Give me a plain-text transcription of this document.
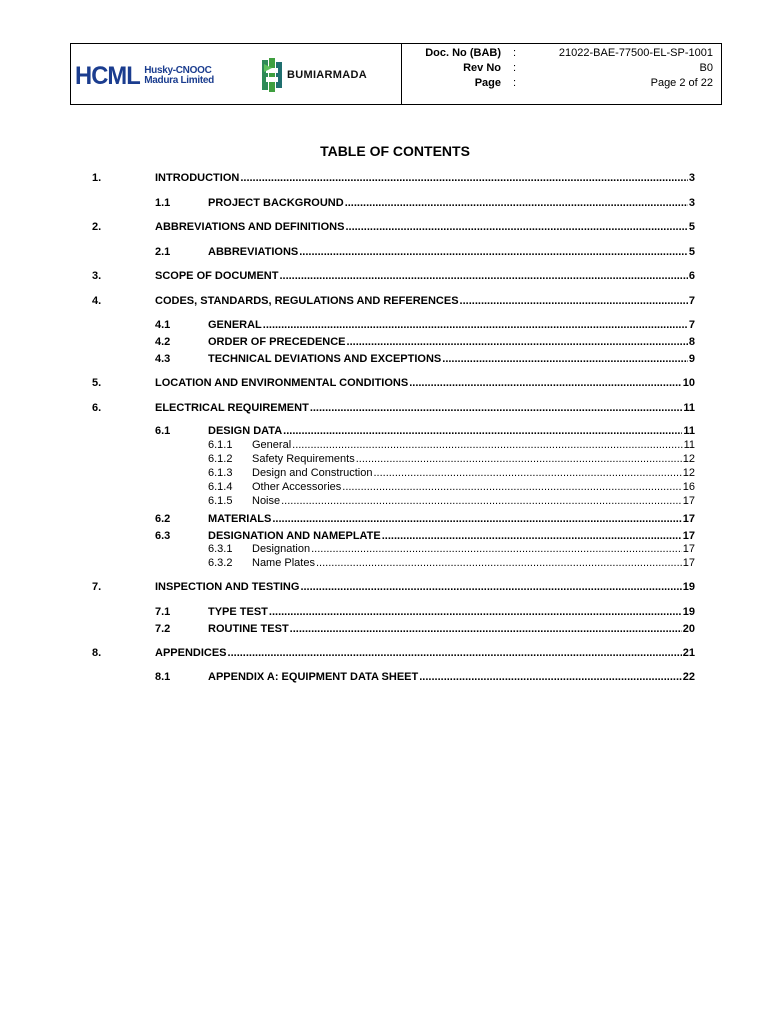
HCML Husky-CNOOC
Madura Limited	BUMIARMADA
Doc. No (BAB) :	21022-BAE-77500-EL-SP-1001
Rev No :	B0
Page :	Page 2 of 22
TABLE OF CONTENTS
1.	INTRODUCTION .....	3
1.1	PROJECT BACKGROUND .....	3
2.	ABBREVIATIONS AND DEFINITIONS .....	5
2.1	ABBREVIATIONS .....	5
3.	SCOPE OF DOCUMENT .....	6
4.	CODES, STANDARDS, REGULATIONS AND REFERENCES .....	7
4.1	GENERAL .....	7
4.2	ORDER OF PRECEDENCE .....	8
4.3	TECHNICAL DEVIATIONS AND EXCEPTIONS .....	9
5.	LOCATION AND ENVIRONMENTAL CONDITIONS .....	10
6.	ELECTRICAL REQUIREMENT .....	11
6.1	DESIGN DATA .....	11
6.1.1 General .....	11
6.1.2 Safety Requirements .....	12
6.1.3 Design and Construction .....	12
6.1.4 Other Accessories .....	16
6.1.5 Noise .....	17
6.2	MATERIALS .....	17
6.3	DESIGNATION AND NAMEPLATE .....	17
6.3.1 Designation .....	17
6.3.2 Name Plates .....	17
7.	INSPECTION AND TESTING .....	19
7.1	TYPE TEST .....	19
7.2	ROUTINE TEST .....	20
8.	APPENDICES .....	21
8.1	APPENDIX A: EQUIPMENT DATA SHEET .....	22
